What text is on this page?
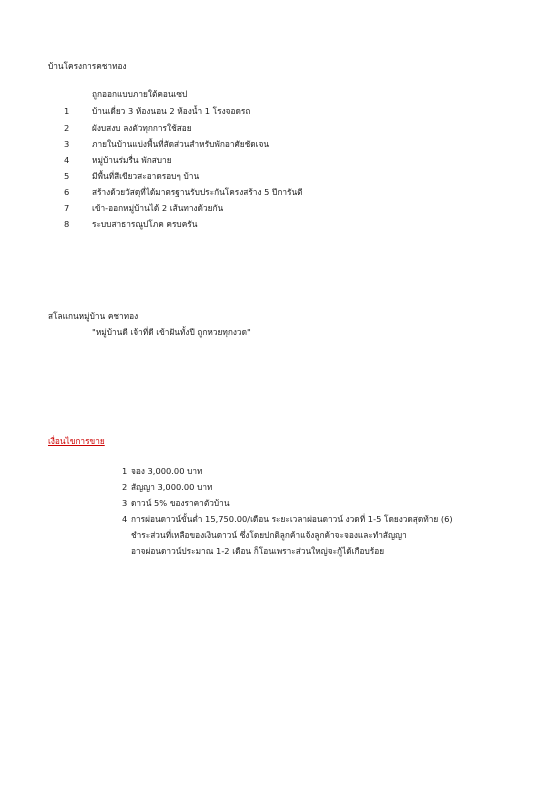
บ้านโครงการคชาทอง
ถูกออกแบบภายใต้คอนเซป
1	บ้านเดี่ยว 3 ห้องนอน 2 ห้องน้ำ 1 โรงจอดรถ
2	ผังบสงบ ลงตัวทุกการใช้สอย
3	ภายในบ้านแบ่งพื้นที่สัดส่วนสำหรับพักอาศัยชัดเจน
4	หมู่บ้านร่มรื่น พักสบาย
5	มีพื้นที่สีเขียวสะอาดรอบๆ บ้าน
6	สร้างด้วยวัสดุที่ได้มาตรฐานรับประกันโครงสร้าง 5 ปีการันตี
7	เข้า-ออกหมู่บ้านได้ 2 เส้นทางด้วยกัน
8	ระบบสาธารณูปโภค ครบครัน
สโลแกนหมู่บ้าน คชาทอง
"หมู่บ้านดี เจ้าที่ดี เข้าฝันทั้งปี ถูกหวยทุกงวด"
เงื่อนไขการขาย
1 จอง 3,000.00 บาท
2 สัญญา 3,000.00 บาท
3 ดาวน์ 5% ของราคาตัวบ้าน
4 การผ่อนดาวน์ขั้นต่ำ 15,750.00/เดือน ระยะเวลาผ่อนดาวน์ งวดที่ 1-5 โดยงวดสุดท้าย (6)
ชำระส่วนที่เหลือของเงินดาวน์ ซึ่งโดยปกติลูกค้าแจ้งลูกค้าจะจองและทำสัญญา
อาจผ่อนดาวน์ประมาณ 1-2 เดือน ก็โอนเพราะส่วนใหญ่จะกู้ได้เกือบร้อย
